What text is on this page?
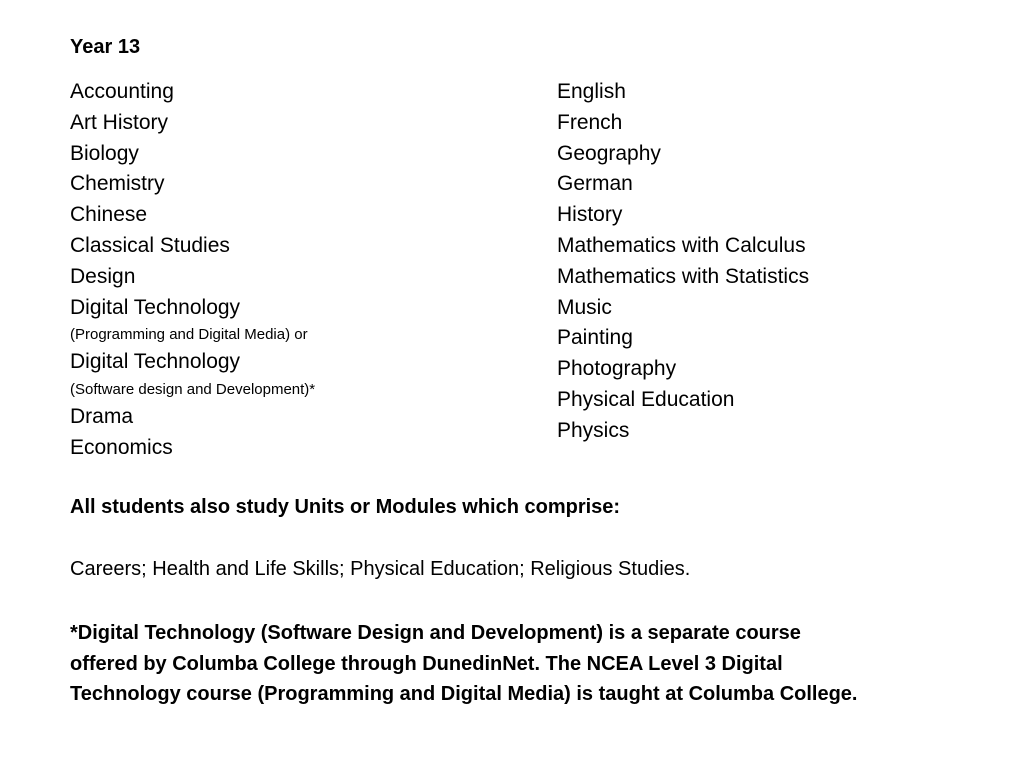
Year 13
Accounting
Art History
Biology
Chemistry
Chinese
Classical Studies
Design
Digital Technology
(Programming and Digital Media) or
Digital Technology
(Software design and Development)*
Drama
Economics
English
French
Geography
German
History
Mathematics with Calculus
Mathematics with Statistics
Music
Painting
Photography
Physical Education
Physics
All students also study Units or Modules which comprise:
Careers; Health and Life Skills; Physical Education; Religious Studies.
*Digital Technology (Software Design and Development) is a separate course
offered by Columba College through DunedinNet. The NCEA Level 3 Digital
Technology course (Programming and Digital Media) is taught at Columba College.
